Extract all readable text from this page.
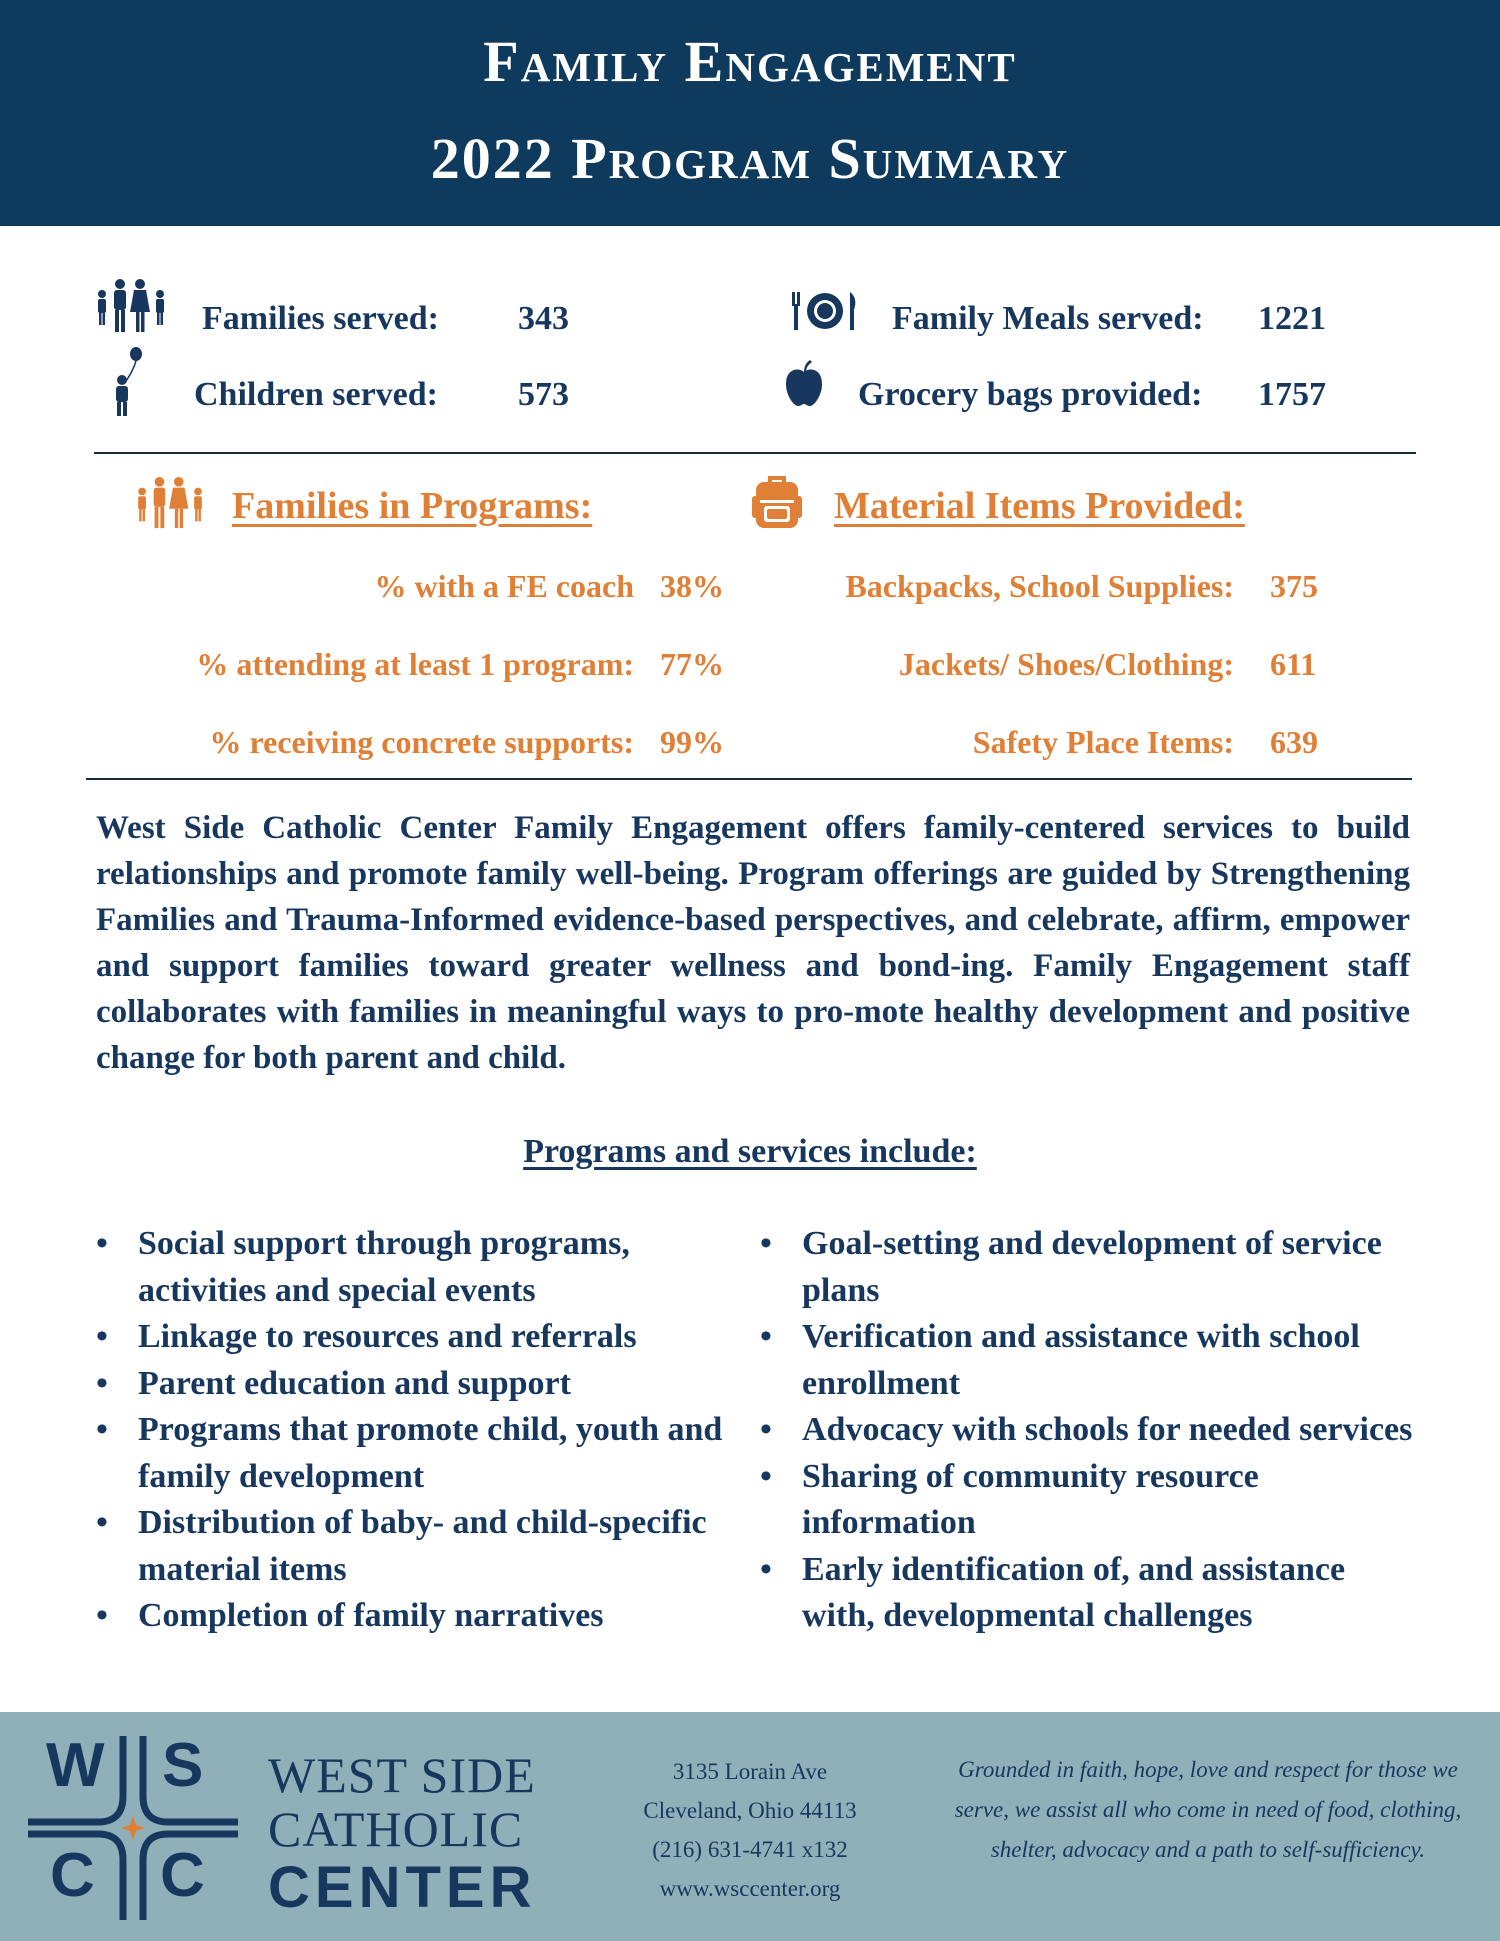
Family Engagement
2022 Program Summary
Families served: 343
Children served: 573
Family Meals served: 1221
Grocery bags provided: 1757
Families in Programs:	Material Items Provided:
% with a FE coach 38%
% attending at least 1 program: 77%
% receiving concrete supports: 99%
Backpacks, School Supplies: 375
Jackets/ Shoes/Clothing: 611
Safety Place Items: 639
West Side Catholic Center Family Engagement offers family-centered services to build relationships and promote family well-being. Program offerings are guided by Strengthening Families and Trauma-Informed evidence-based perspectives, and celebrate, affirm, empower and support families toward greater wellness and bond-ing. Family Engagement staff collaborates with families in meaningful ways to pro-mote healthy development and positive change for both parent and child.
Programs and services include:
• Social support through programs, activities and special events
• Linkage to resources and referrals
• Parent education and support
• Programs that promote child, youth and family development
• Distribution of baby- and child-specific material items
• Completion of family narratives
• Goal-setting and development of service plans
• Verification and assistance with school enrollment
• Advocacy with schools for needed services
• Sharing of community resource information
• Early identification of, and assistance with, developmental challenges
W S
C C
WEST SIDE
CATHOLIC
CENTER
3135 Lorain Ave
Cleveland, Ohio 44113
(216) 631-4741 x132
www.wsccenter.org
Grounded in faith, hope, love and respect for those we serve, we assist all who come in need of food, clothing, shelter, advocacy and a path to self-sufficiency.
